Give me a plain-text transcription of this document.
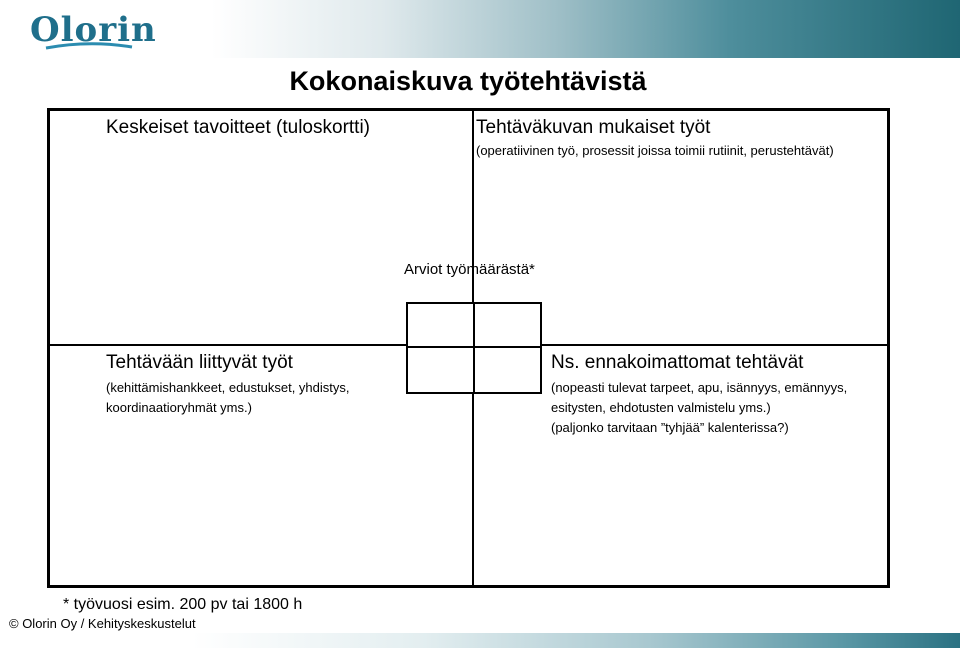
Olorin
Kokonaiskuva työtehtävistä
Keskeiset tavoitteet (tuloskortti)	Tehtäväkuvan mukaiset työt
(operatiivinen työ, prosessit joissa toimii rutiinit, perustehtävät)
Arviot työmäärästä*
Tehtävään liittyvät työt
(kehittämishankkeet, edustukset, yhdistys,
koordinaatioryhmät yms.)
Ns. ennakoimattomat tehtävät
(nopeasti tulevat tarpeet, apu, isännyys, emännyys,
esitysten, ehdotusten valmistelu yms.)
(paljonko tarvitaan ”tyhjää” kalenterissa?)
* työvuosi esim. 200 pv tai 1800 h
© Olorin Oy / Kehityskeskustelut
